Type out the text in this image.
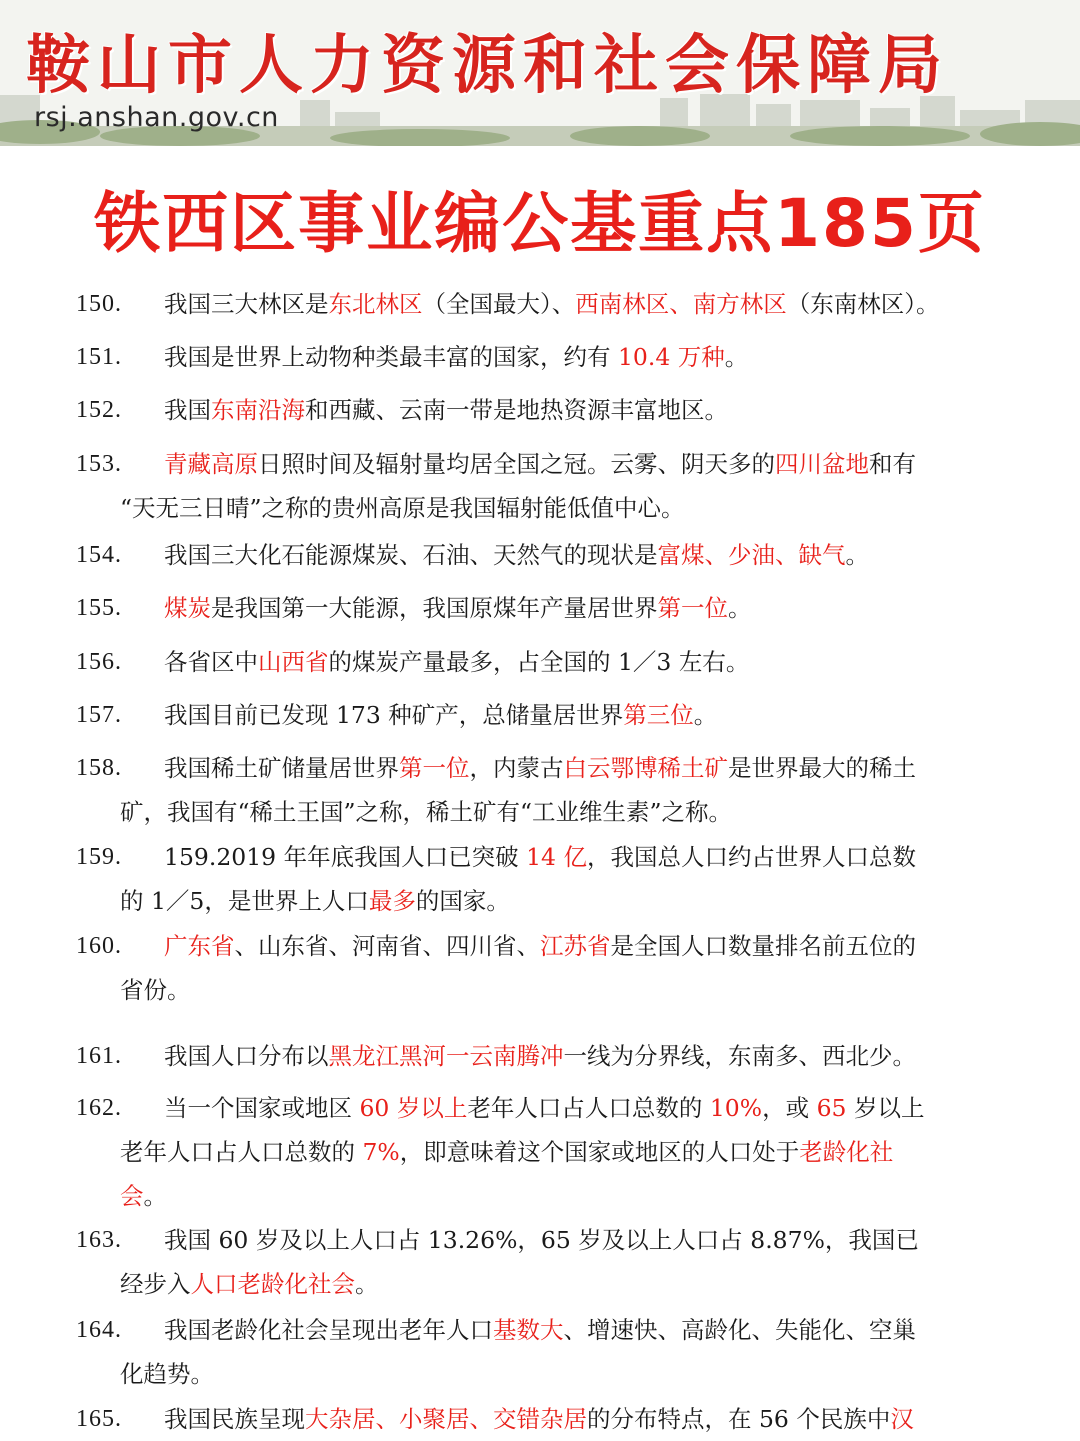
鞍山市人力资源和社会保障局
rsj.anshan.gov.cn
铁西区事业编公基重点185页
150. 我国三大林区是东北林区（全国最大）、西南林区、南方林区（东南林区）。
151. 我国是世界上动物种类最丰富的国家，约有 10.4 万种。
152. 我国东南沿海和西藏、云南一带是地热资源丰富地区。
153. 青藏高原日照时间及辐射量均居全国之冠。云雾、阴天多的四川盆地和有
“天无三日晴”之称的贵州高原是我国辐射能低值中心。
154. 我国三大化石能源煤炭、石油、天然气的现状是富煤、少油、缺气。
155. 煤炭是我国第一大能源，我国原煤年产量居世界第一位。
156. 各省区中山西省的煤炭产量最多，占全国的 1／3 左右。
157. 我国目前已发现 173 种矿产，总储量居世界第三位。
158. 我国稀土矿储量居世界第一位，内蒙古白云鄂博稀土矿是世界最大的稀土
矿，我国有“稀土王国”之称，稀土矿有“工业维生素”之称。
159. 159.2019 年年底我国人口已突破 14 亿，我国总人口约占世界人口总数
的 1／5，是世界上人口最多的国家。
160. 广东省、山东省、河南省、四川省、江苏省是全国人口数量排名前五位的
省份。
161. 我国人口分布以黑龙江黑河一云南腾冲一线为分界线，东南多、西北少。
162. 当一个国家或地区 60 岁以上老年人口占人口总数的 10%，或 65 岁以上
老年人口占人口总数的 7%，即意味着这个国家或地区的人口处于老龄化社
会。
163. 我国 60 岁及以上人口占 13.26%，65 岁及以上人口占 8.87%，我国已
经步入人口老龄化社会。
164. 我国老龄化社会呈现出老年人口基数大、增速快、高龄化、失能化、空巢
化趋势。
165. 我国民族呈现大杂居、小聚居、交错杂居的分布特点，在 56 个民族中汉
